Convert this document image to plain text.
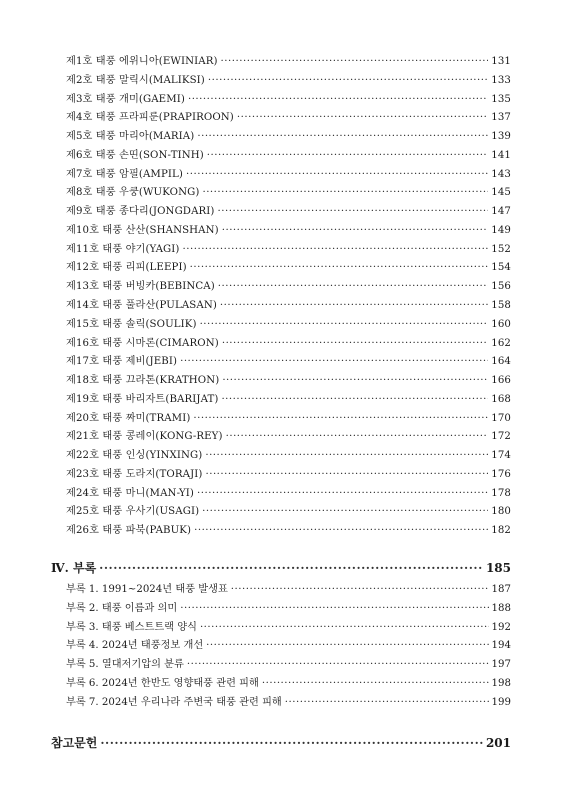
제1호 태풍 에위니아(EWINIAR) ·····	131
제2호 태풍 말릭시(MALIKSI) ·····	133
제3호 태풍 개미(GAEMI) ·····	135
제4호 태풍 프라피룬(PRAPIROON) ·····	137
제5호 태풍 마리아(MARIA) ·····	139
제6호 태풍 손띤(SON-TINH) ·····	141
제7호 태풍 암필(AMPIL) ·····	143
제8호 태풍 우쿵(WUKONG) ·····	145
제9호 태풍 종다리(JONGDARI) ·····	147
제10호 태풍 산산(SHANSHAN) ·····	149
제11호 태풍 야기(YAGI) ·····	152
제12호 태풍 리피(LEEPI) ·····	154
제13호 태풍 버빙카(BEBINCA) ·····	156
제14호 태풍 풀라산(PULASAN) ·····	158
제15호 태풍 솔릭(SOULIK) ·····	160
제16호 태풍 시마론(CIMARON) ·····	162
제17호 태풍 제비(JEBI) ·····	164
제18호 태풍 끄라톤(KRATHON) ·····	166
제19호 태풍 바리자트(BARIJAT) ·····	168
제20호 태풍 짜미(TRAMI) ·····	170
제21호 태풍 콩레이(KONG-REY) ·····	172
제22호 태풍 인싱(YINXING) ·····	174
제23호 태풍 도라지(TORAJI) ·····	176
제24호 태풍 마니(MAN-YI) ·····	178
제25호 태풍 우사기(USAGI) ·····	180
제26호 태풍 파북(PABUK) ·····	182
Ⅳ. 부록 ·····	185
부록 1. 1991~2024년 태풍 발생표 ·····	187
부록 2. 태풍 이름과 의미 ·····	188
부록 3. 태풍 베스트트랙 양식 ·····	192
부록 4. 2024년 태풍정보 개선 ·····	194
부록 5. 열대저기압의 분류 ·····	197
부록 6. 2024년 한반도 영향태풍 관련 피해 ·····	198
부록 7. 2024년 우리나라 주변국 태풍 관련 피해 ·····	199
참고문헌 ·····	201
